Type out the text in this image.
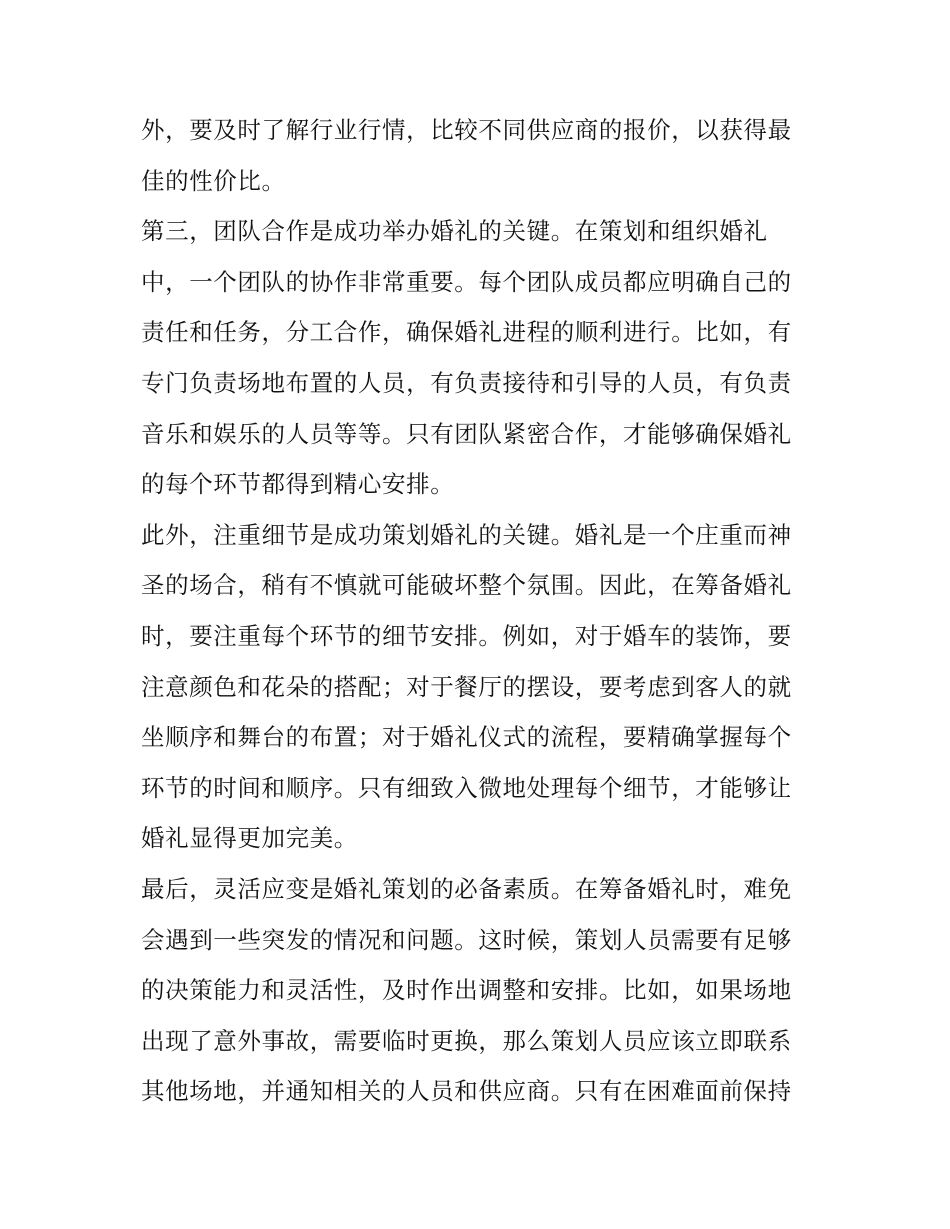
外，要及时了解行业行情，比较不同供应商的报价，以获得最
佳的性价比。
第三，团队合作是成功举办婚礼的关键。在策划和组织婚礼
中，一个团队的协作非常重要。每个团队成员都应明确自己的
责任和任务，分工合作，确保婚礼进程的顺利进行。比如，有
专门负责场地布置的人员，有负责接待和引导的人员，有负责
音乐和娱乐的人员等等。只有团队紧密合作，才能够确保婚礼
的每个环节都得到精心安排。
此外，注重细节是成功策划婚礼的关键。婚礼是一个庄重而神
圣的场合，稍有不慎就可能破坏整个氛围。因此，在筹备婚礼
时，要注重每个环节的细节安排。例如，对于婚车的装饰，要
注意颜色和花朵的搭配；对于餐厅的摆设，要考虑到客人的就
坐顺序和舞台的布置；对于婚礼仪式的流程，要精确掌握每个
环节的时间和顺序。只有细致入微地处理每个细节，才能够让
婚礼显得更加完美。
最后，灵活应变是婚礼策划的必备素质。在筹备婚礼时，难免
会遇到一些突发的情况和问题。这时候，策划人员需要有足够
的决策能力和灵活性，及时作出调整和安排。比如，如果场地
出现了意外事故，需要临时更换，那么策划人员应该立即联系
其他场地，并通知相关的人员和供应商。只有在困难面前保持
